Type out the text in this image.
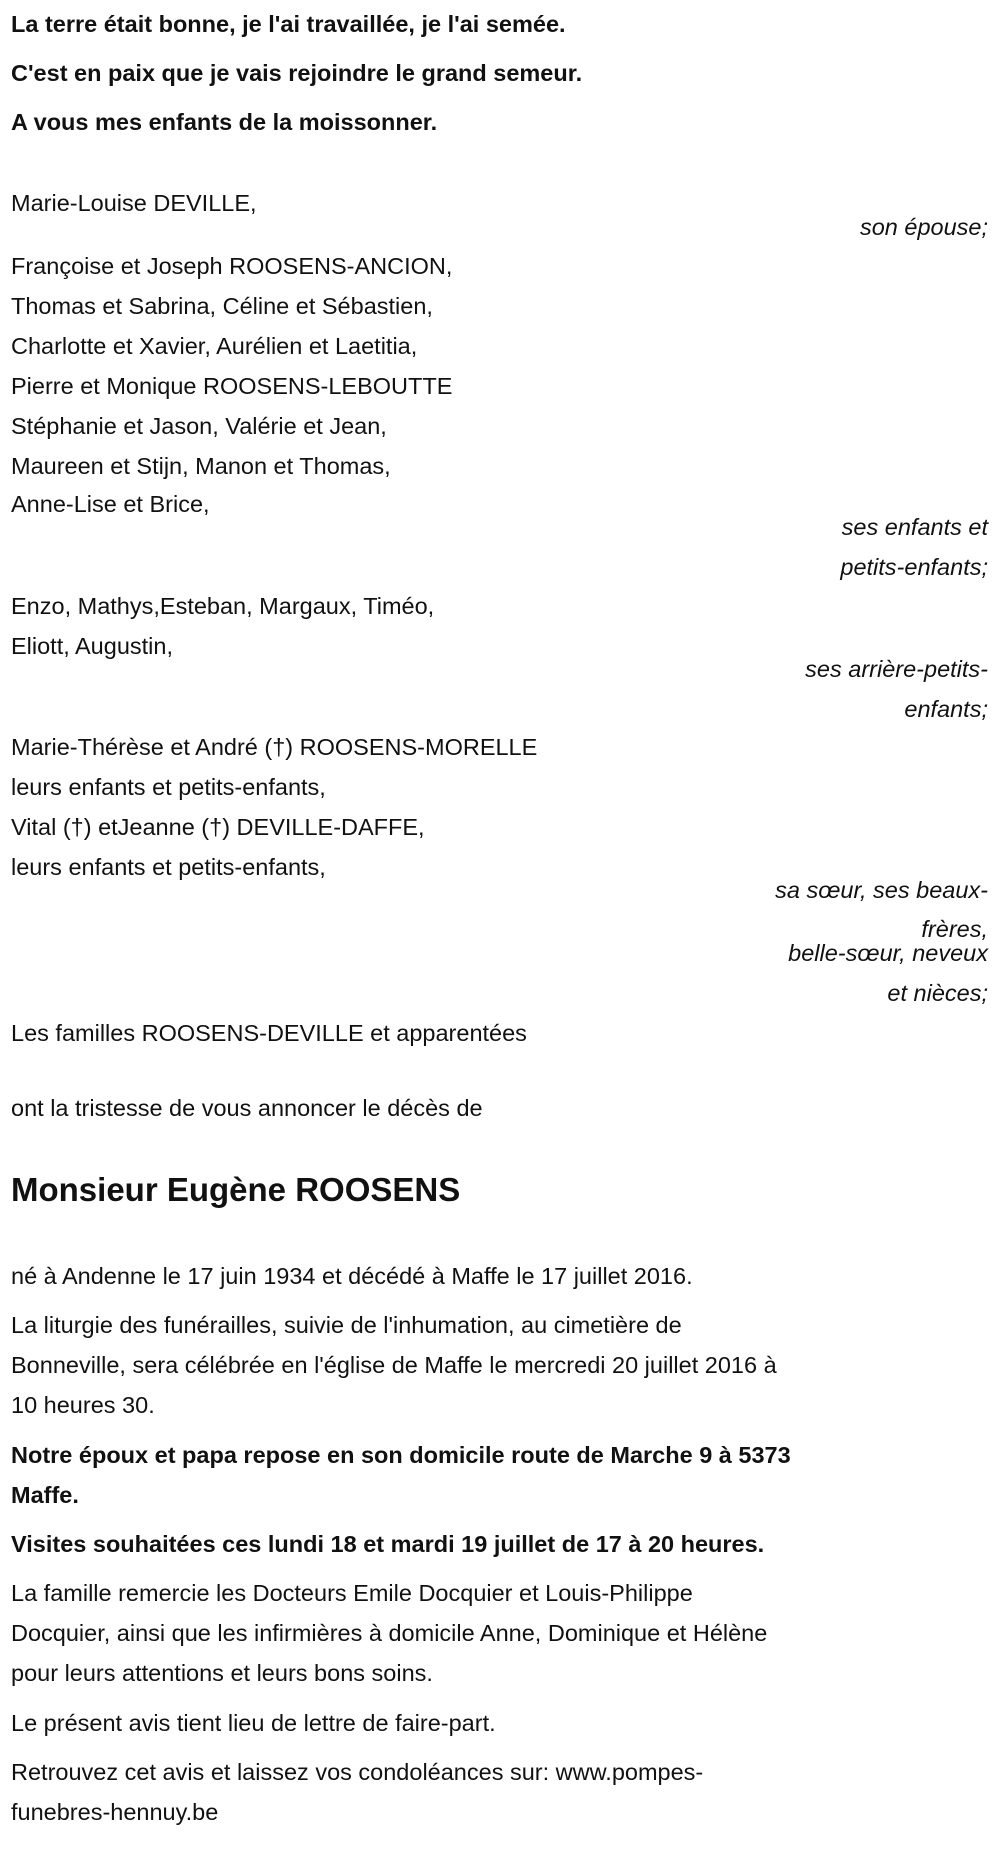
La terre était bonne, je l'ai travaillée, je l'ai semée.
C'est en paix que je vais rejoindre le grand semeur.
A vous mes enfants de la moissonner.
Marie-Louise DEVILLE,
son épouse;
Françoise et Joseph ROOSENS-ANCION,
Thomas et Sabrina, Céline et Sébastien,
Charlotte et Xavier, Aurélien et Laetitia,
Pierre et Monique ROOSENS-LEBOUTTE
Stéphanie et Jason, Valérie et Jean,
Maureen et Stijn, Manon et Thomas,
Anne-Lise et Brice,
ses enfants et
petits-enfants;
Enzo, Mathys,Esteban, Margaux, Timéo,
Eliott, Augustin,
ses arrière-petits-
enfants;
Marie-Thérèse et André (†) ROOSENS-MORELLE
leurs enfants et petits-enfants,
Vital (†) etJeanne (†) DEVILLE-DAFFE,
leurs enfants et petits-enfants,
sa sœur, ses beaux-
frères,
belle-sœur, neveux
et nièces;
Les familles ROOSENS-DEVILLE et apparentées
ont la tristesse de vous annoncer le décès de
Monsieur Eugène ROOSENS
né à Andenne le 17 juin 1934 et décédé à Maffe le 17 juillet 2016.
La liturgie des funérailles, suivie de l'inhumation, au cimetière de
Bonneville, sera célébrée en l'église de Maffe le mercredi 20 juillet 2016 à
10 heures 30.
Notre époux et papa repose en son domicile route de Marche 9 à 5373
Maffe.
Visites souhaitées ces lundi 18 et mardi 19 juillet de 17 à 20 heures.
La famille remercie les Docteurs Emile Docquier et Louis-Philippe
Docquier, ainsi que les infirmières à domicile Anne, Dominique et Hélène
pour leurs attentions et leurs bons soins.
Le présent avis tient lieu de lettre de faire-part.
Retrouvez cet avis et laissez vos condoléances sur: www.pompes-
funebres-hennuy.be
